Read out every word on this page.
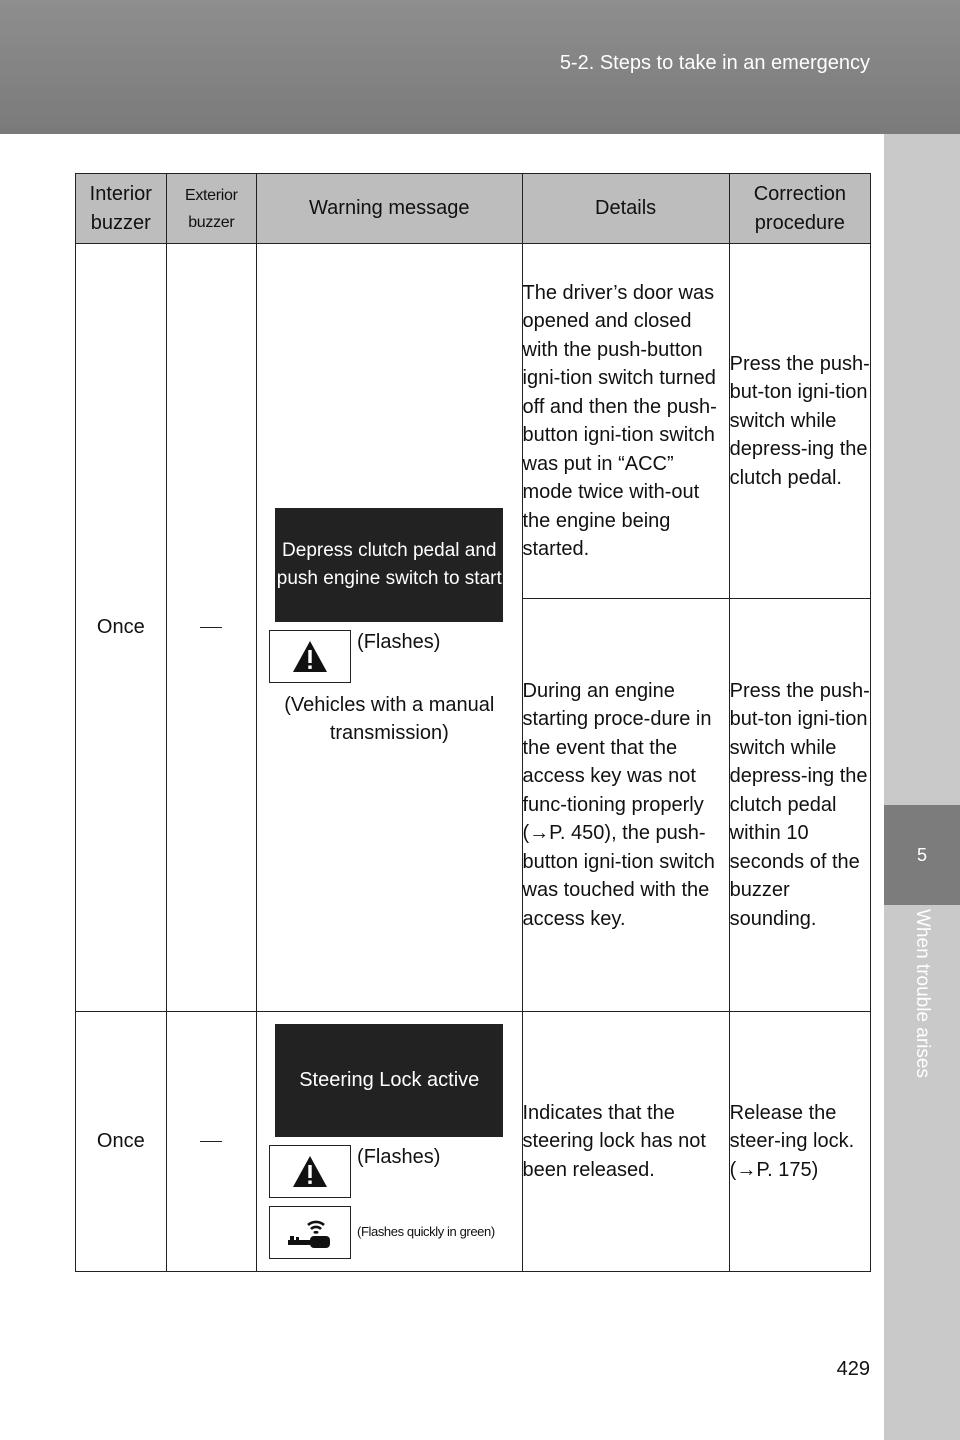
5-2. Steps to take in an emergency
5
When trouble arises
Interior buzzer	Exterior buzzer	Warning message	Details	Correction procedure
Once		Depress clutch pedal and push engine switch to start
(Flashes)
(Vehicles with a manual transmission)	The driver’s door was opened and closed with the push-button igni-tion switch turned off and then the push-button igni-tion switch was put in “ACC” mode twice with-out the engine being started.	Press the push-but-ton igni-tion switch while depress-ing the clutch pedal.
			During an engine starting proce-dure in the event that the access key was not func-tioning properly (→P. 450), the push-button igni-tion switch was touched with the access key.	Press the push-but-ton igni-tion switch while depress-ing the clutch pedal within 10 seconds of the buzzer sounding.
Once		Steering Lock active
(Flashes)
(Flashes quickly in green)	Indicates that the steering lock has not been released.	Release the steer-ing lock. (→P. 175)
429
